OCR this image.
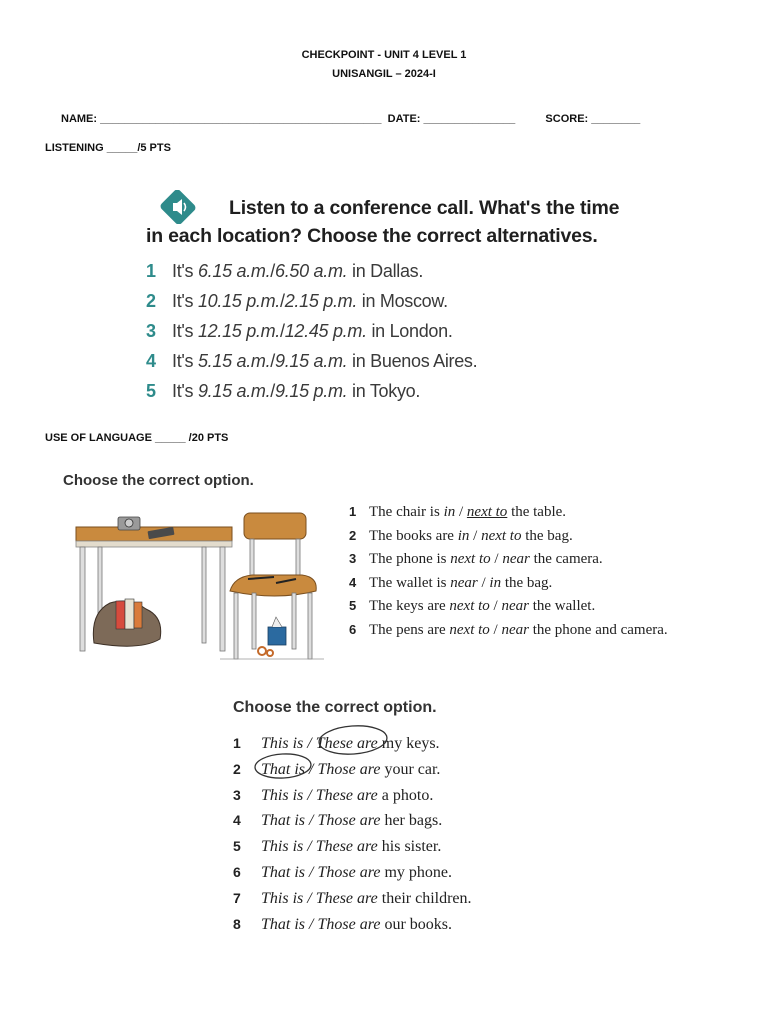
CHECKPOINT - UNIT 4 LEVEL 1
UNISANGIL – 2024-I
NAME: ______________________________________________ DATE: _______________	SCORE: ________
LISTENING _____/5 PTS
Listen to a conference call. What's the time
in each location? Choose the correct alternatives.
1 It's 6.15 a.m./6.50 a.m. in Dallas.
2 It's 10.15 p.m./2.15 p.m. in Moscow.
3 It's 12.15 p.m./12.45 p.m. in London.
4 It's 5.15 a.m./9.15 a.m. in Buenos Aires.
5 It's 9.15 a.m./9.15 p.m. in Tokyo.
USE OF LANGUAGE _____ /20 PTS
Choose the correct option.
1 The chair is in / next to the table.
2 The books are in / next to the bag.
3 The phone is next to / near the camera.
4 The wallet is near / in the bag.
5 The keys are next to / near the wallet.
6 The pens are next to / near the phone and camera.
Choose the correct option.
1 This is / These are my keys.
2 That is / Those are your car.
3 This is / These are a photo.
4 That is / Those are her bags.
5 This is / These are his sister.
6 That is / Those are my phone.
7 This is / These are their children.
8 That is / Those are our books.
